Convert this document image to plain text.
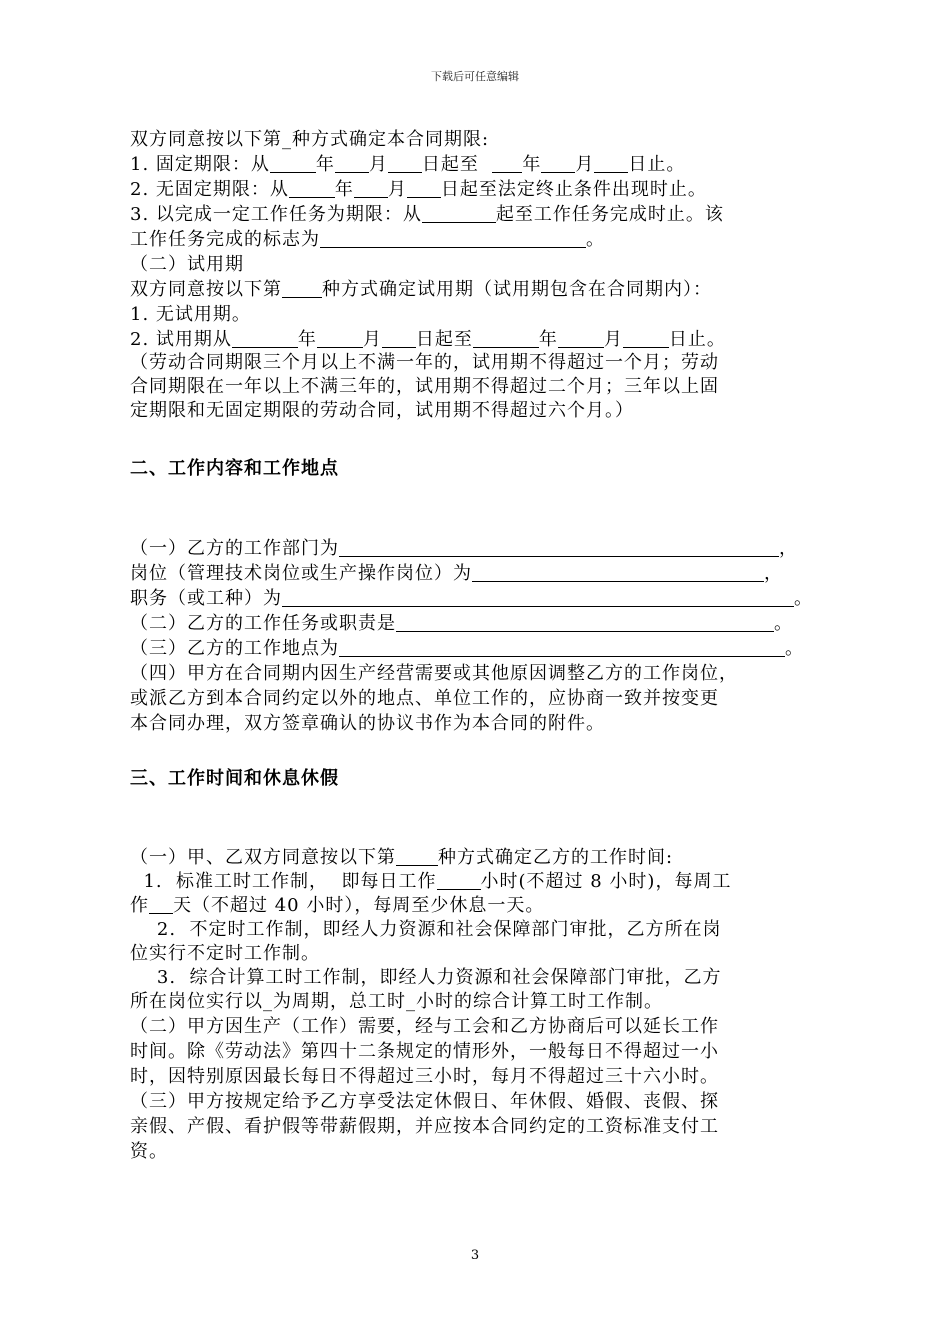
下载后可任意编辑
双方同意按以下第_种方式确定本合同期限:
1. 固定期限：从	年 月 日起至 年 月 日止。
2. 无固定期限：从	年 月 日起至法定终止条件出现时止。
3. 以完成一定工作任务为期限：从	起至工作任务完成时止。该
工作任务完成的标志为	。
（二）试用期
双方同意按以下第 种方式确定试用期（试用期包含在合同期内）：
1. 无试用期。
2. 试用期从	年	月 日起至	年	月	日止。
（劳动合同期限三个月以上不满一年的，试用期不得超过一个月；劳动
合同期限在一年以上不满三年的，试用期不得超过二个月；三年以上固
定期限和无固定期限的劳动合同，试用期不得超过六个月。）
二、工作内容和工作地点
（一）乙方的工作部门为	，
岗位（管理技术岗位或生产操作岗位）为	，
职务（或工种）为	。
（二）乙方的工作任务或职责是	。
（三）乙方的工作地点为	。
（四）甲方在合同期内因生产经营需要或其他原因调整乙方的工作岗位，
或派乙方到本合同约定以外的地点、单位工作的，应协商一致并按变更
本合同办理，双方签章确认的协议书作为本合同的附件。
三、工作时间和休息休假
（一）甲、乙双方同意按以下第 种方式确定乙方的工作时间:
1.  标准工时工作制，  即每日工作 小时(不超过 8 小时)，每周工
作 天（不超过 40 小时），每周至少休息一天。
2.  不定时工作制，即经人力资源和社会保障部门审批，乙方所在岗
位实行不定时工作制。
3.  综合计算工时工作制，即经人力资源和社会保障部门审批，乙方
所在岗位实行以_为周期，总工时_小时的综合计算工时工作制。
（二）甲方因生产（工作）需要，经与工会和乙方协商后可以延长工作
时间。除《劳动法》第四十二条规定的情形外，一般每日不得超过一小
时，因特别原因最长每日不得超过三小时，每月不得超过三十六小时。
（三）甲方按规定给予乙方享受法定休假日、年休假、婚假、丧假、探
亲假、产假、看护假等带薪假期，并应按本合同约定的工资标准支付工
资。
3
